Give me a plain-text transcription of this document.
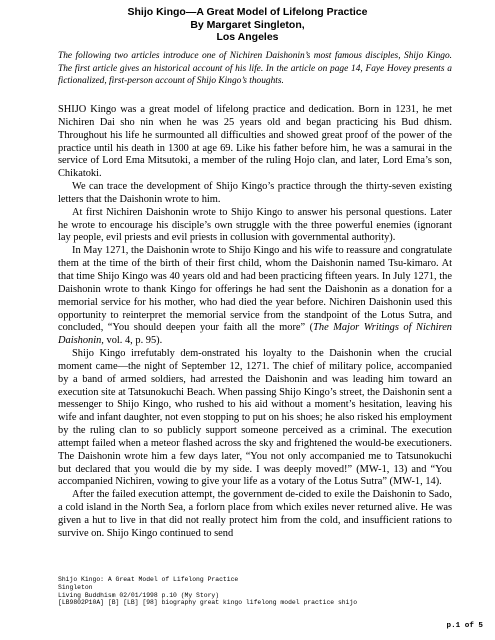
Shijo Kingo—A Great Model of Lifelong Practice
By Margaret Singleton,
Los Angeles

The following two articles introduce one of Nichiren Daishonin’s most famous disciples, Shijo Kingo. The first article gives an historical account of his life. In the article on page 14, Faye Hovey presents a fictionalized, first-person account of Shijo Kingo’s thoughts.

SHIJO Kingo was a great model of lifelong practice and dedication. Born in 1231, he met Nichiren Dai sho nin when he was 25 years old and began practicing his Bud dhism. Throughout his life he surmounted all difficulties and showed great proof of the power of the practice until his death in 1300 at age 69. Like his father before him, he was a samurai in the service of Lord Ema Mitsutoki, a member of the ruling Hojo clan, and later, Lord Ema’s son, Chikatoki.

We can trace the development of Shijo Kingo’s practice through the thirty-seven existing letters that the Daishonin wrote to him.

At first Nichiren Daishonin wrote to Shijo Kingo to answer his personal questions. Later he wrote to encourage his disciple’s own struggle with the three powerful enemies (ignorant lay people, evil priests and evil priests in collusion with governmental authority).

In May 1271, the Daishonin wrote to Shijo Kingo and his wife to reassure and congratulate them at the time of the birth of their first child, whom the Daishonin named Tsu-kimaro. At that time Shijo Kingo was 40 years old and had been practicing fifteen years. In July 1271, the Daishonin wrote to thank Kingo for offerings he had sent the Daishonin as a donation for a memorial service for his mother, who had died the year before. Nichiren Daishonin used this opportunity to reinterpret the memorial service from the standpoint of the Lotus Sutra, and concluded, “You should deepen your faith all the more” (The Major Writings of Nichiren Daishonin, vol. 4, p. 95).

Shijo Kingo irrefutably dem-onstrated his loyalty to the Daishonin when the crucial moment came—the night of September 12, 1271. The chief of military police, accompanied by a band of armed soldiers, had arrested the Daishonin and was leading him toward an execution site at Tatsunokuchi Beach. When passing Shijo Kingo’s street, the Daishonin sent a messenger to Shijo Kingo, who rushed to his aid without a moment’s hesitation, leaving his wife and infant daughter, not even stopping to put on his shoes; he also risked his employment by the ruling clan to so publicly support someone perceived as a criminal. The execution attempt failed when a meteor flashed across the sky and frightened the would-be executioners. The Daishonin wrote him a few days later, “You not only accompanied me to Tatsunokuchi but declared that you would die by my side. I was deeply moved!” (MW-1, 13) and “You accompanied Nichiren, vowing to give your life as a votary of the Lotus Sutra” (MW-1, 14).

After the failed execution attempt, the government de-cided to exile the Daishonin to Sado, a cold island in the North Sea, a forlorn place from which exiles never returned alive. He was given a hut to live in that did not really protect him from the cold, and insufficient rations to survive on. Shijo Kingo continued to send

Shijo Kingo: A Great Model of Lifelong Practice
Singleton
Living Buddhism 02/01/1998 p.10 (My Story)
[LB9802P10A] [B] [LB] [98] biography great kingo lifelong model practice shijo
p.1 of 5
